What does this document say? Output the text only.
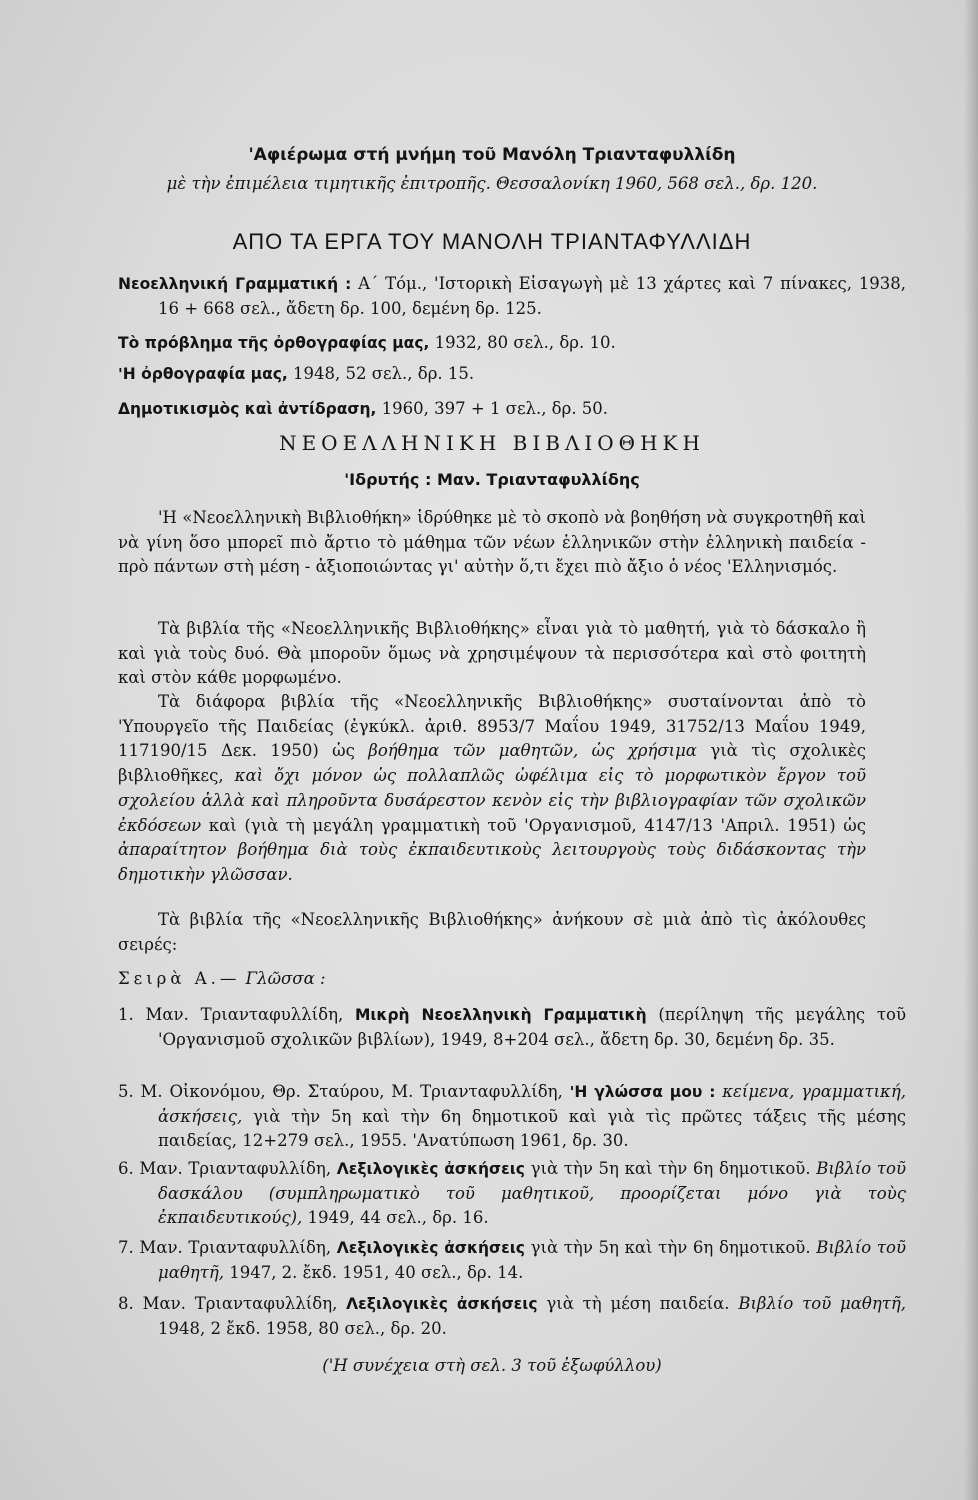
'Αφιέρωμα στή μνήμη τοῦ Μανόλη Τριανταφυλλίδη
μὲ τὴν ἐπιμέλεια τιμητικῆς ἐπιτροπῆς. Θεσσαλονίκη 1960, 568 σελ., δρ. 120.
ΑΠΟ ΤΑ ΕΡΓΑ ΤΟΥ ΜΑΝΟΛΗ ΤΡΙΑΝΤΑΦΥΛΛΙΔΗ
Νεοελληνική Γραμματική : Α΄ Τόμ., 'Ιστορικὴ Εἰσαγωγὴ μὲ 13 χάρτες καὶ 7 πίνακες, 1938, 16 + 668 σελ., ἄδετη δρ. 100, δεμένη δρ. 125.
Τὸ πρόβλημα τῆς ὀρθογραφίας μας, 1932, 80 σελ., δρ. 10.
'Η ὀρθογραφία μας, 1948, 52 σελ., δρ. 15.
Δημοτικισμὸς καὶ ἀντίδραση, 1960, 397 + 1 σελ., δρ. 50.
ΝΕΟΕΛΛΗΝΙΚΗ ΒΙΒΛΙΟΘΗΚΗ
'Ιδρυτής : Μαν. Τριανταφυλλίδης
'Η «Νεοελληνικὴ Βιβλιοθήκη» ἱδρύθηκε μὲ τὸ σκοπὸ νὰ βοηθήση νὰ συγκροτηθῆ καὶ νὰ γίνη ὅσο μπορεῖ πιὸ ἄρτιο τὸ μάθημα τῶν νέων ἑλληνικῶν στὴν ἑλληνικὴ παιδεία - πρὸ πάντων στὴ μέση - ἀξιοποιώντας γι' αὐτὴν ὅ,τι ἔχει πιὸ ἄξιο ὁ νέος 'Ελληνισμός.
Τὰ βιβλία τῆς «Νεοελληνικῆς Βιβλιοθήκης» εἶναι γιὰ τὸ μαθητή, γιὰ τὸ δάσκαλο ἢ καὶ γιὰ τοὺς δυό. Θὰ μποροῦν ὅμως νὰ χρησιμέψουν τὰ περισσότερα καὶ στὸ φοιτητὴ καὶ στὸν κάθε μορφωμένο.
Τὰ διάφορα βιβλία τῆς «Νεοελληνικῆς Βιβλιοθήκης» συσταίνονται ἀπὸ τὸ 'Υπουργεῖο τῆς Παιδείας (ἐγκύκλ. ἀριθ. 8953/7 Μαΐου 1949, 31752/13 Μαΐου 1949, 117190/15 Δεκ. 1950) ὡς βοήθημα τῶν μαθητῶν, ὡς χρήσιμα γιὰ τὶς σχολικὲς βιβλιοθῆκες, καὶ ὄχι μόνον ὡς πολλαπλῶς ὠφέλιμα εἰς τὸ μορφωτικὸν ἔργον τοῦ σχολείου ἀλλὰ καὶ πληροῦντα δυσάρεστον κενὸν εἰς τὴν βιβλιογραφίαν τῶν σχολικῶν ἐκδόσεων καὶ (γιὰ τὴ μεγάλη γραμματικὴ τοῦ 'Οργανισμοῦ, 4147/13 'Απριλ. 1951) ὡς ἀπαραίτητον βοήθημα διὰ τοὺς ἐκπαιδευτικοὺς λειτουργοὺς τοὺς διδάσκοντας τὴν δημοτικὴν γλῶσσαν.
Τὰ βιβλία τῆς «Νεοελληνικῆς Βιβλιοθήκης» ἀνήκουν σὲ μιὰ ἀπὸ τὶς ἀκόλουθες σειρές:
Σειρὰ Α.— Γλῶσσα :
1. Μαν. Τριανταφυλλίδη, Μικρὴ Νεοελληνικὴ Γραμματικὴ (περίληψη τῆς μεγάλης τοῦ 'Οργανισμοῦ σχολικῶν βιβλίων), 1949, 8+204 σελ., ἄδετη δρ. 30, δεμένη δρ. 35.
5. Μ. Οἰκονόμου, Θρ. Σταύρου, Μ. Τριανταφυλλίδη, 'Η γλώσσα μου : κείμενα, γραμματική, ἀσκήσεις, γιὰ τὴν 5η καὶ τὴν 6η δημοτικοῦ καὶ γιὰ τὶς πρῶτες τάξεις τῆς μέσης παιδείας, 12+279 σελ., 1955. 'Ανατύπωση 1961, δρ. 30.
6. Μαν. Τριανταφυλλίδη, Λεξιλογικὲς ἀσκήσεις γιὰ τὴν 5η καὶ τὴν 6η δημοτικοῦ. Βιβλίο τοῦ δασκάλου (συμπληρωματικὸ τοῦ μαθητικοῦ, προορίζεται μόνο γιὰ τοὺς ἐκπαιδευτικούς), 1949, 44 σελ., δρ. 16.
7. Μαν. Τριανταφυλλίδη, Λεξιλογικὲς ἀσκήσεις γιὰ τὴν 5η καὶ τὴν 6η δημοτικοῦ. Βιβλίο τοῦ μαθητῆ, 1947, 2. ἔκδ. 1951, 40 σελ., δρ. 14.
8. Μαν. Τριανταφυλλίδη, Λεξιλογικὲς ἀσκήσεις γιὰ τὴ μέση παιδεία. Βιβλίο τοῦ μαθητῆ, 1948, 2 ἔκδ. 1958, 80 σελ., δρ. 20.
('Η συνέχεια στὴ σελ. 3 τοῦ ἐξωφύλλου)
